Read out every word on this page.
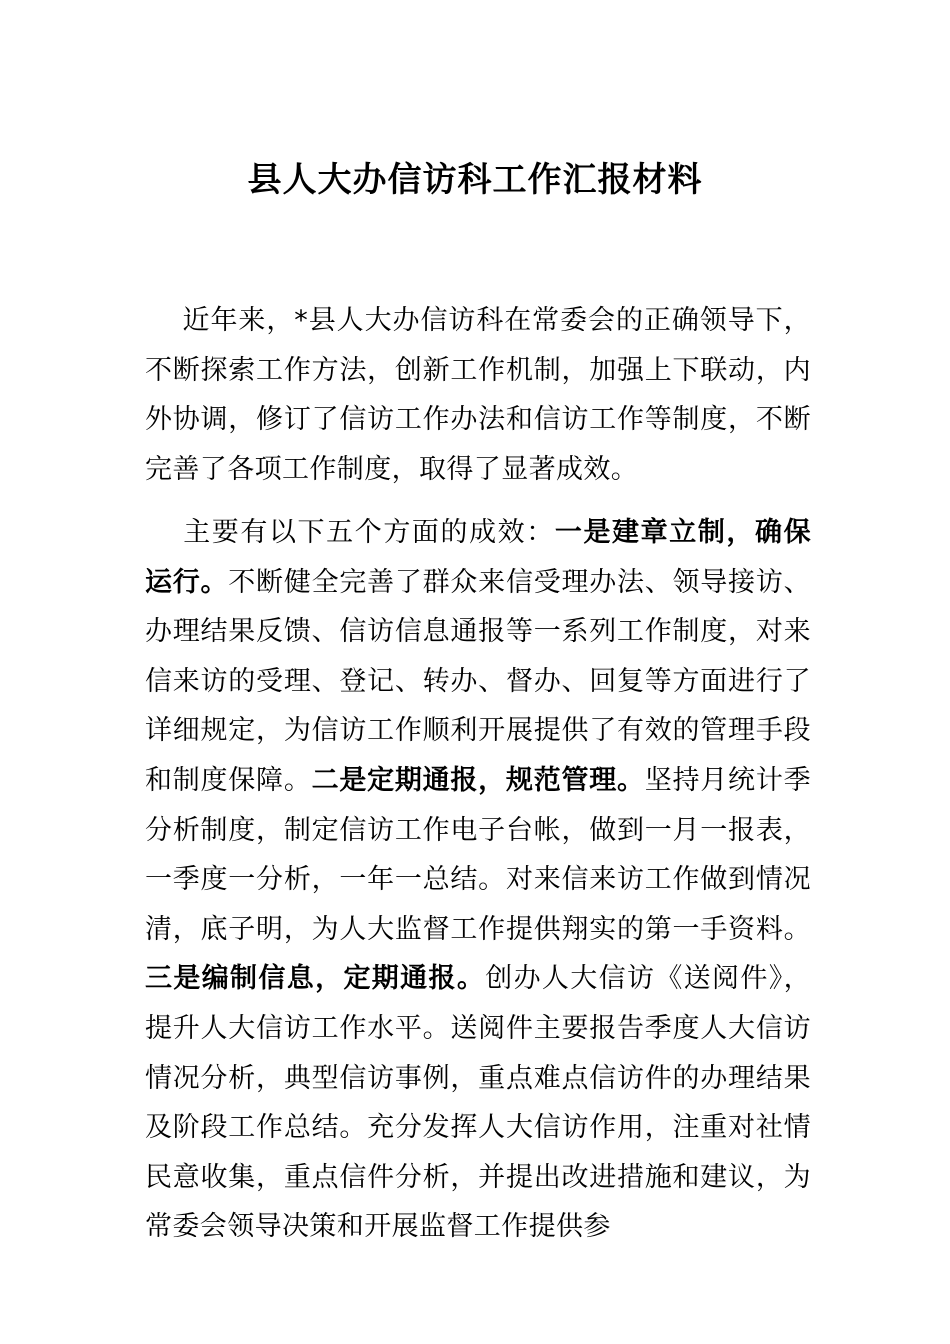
县人大办信访科工作汇报材料
近年来，*县人大办信访科在常委会的正确领导下，不断探索工作方法，创新工作机制，加强上下联动，内外协调，修订了信访工作办法和信访工作等制度，不断完善了各项工作制度，取得了显著成效。
主要有以下五个方面的成效：一是建章立制，确保运行。不断健全完善了群众来信受理办法、领导接访、办理结果反馈、信访信息通报等一系列工作制度，对来信来访的受理、登记、转办、督办、回复等方面进行了详细规定，为信访工作顺利开展提供了有效的管理手段和制度保障。二是定期通报，规范管理。坚持月统计季分析制度，制定信访工作电子台帐，做到一月一报表，一季度一分析，一年一总结。对来信来访工作做到情况清，底子明，为人大监督工作提供翔实的第一手资料。三是编制信息，定期通报。创办人大信访《送阅件》，提升人大信访工作水平。送阅件主要报告季度人大信访情况分析，典型信访事例，重点难点信访件的办理结果及阶段工作总结。充分发挥人大信访作用，注重对社情民意收集，重点信件分析，并提出改进措施和建议，为常委会领导决策和开展监督工作提供参
